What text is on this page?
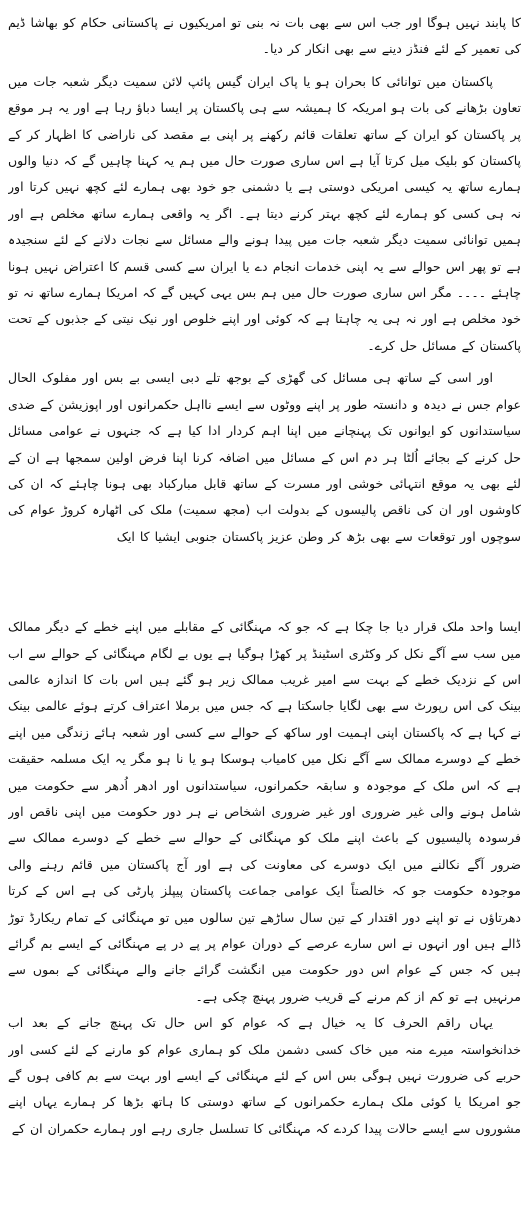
کا پابند نہیں ہوگا اور جب اس سے بھی بات نہ بنی تو امریکیوں نے پاکستانی حکام کو بھاشا ڈیم کی تعمیر کے لئے فنڈز دینے سے بھی انکار کر دیا۔

پاکستان میں توانائی کا بحران ہو یا پاک ایران گیس پائپ لائن سمیت دیگر شعبہ جات میں تعاون بڑھانے کی بات ہو امریکہ کا ہمیشہ سے ہی پاکستان پر ایسا دباؤ رہا ہے اور یہ ہر موقع پر پاکستان کو ایران کے ساتھ تعلقات قائم رکھنے پر اپنی بے مقصد کی ناراضی کا اظہار کر کے پاکستان کو بلیک میل کرتا آیا ہے اس ساری صورت حال میں ہم یہ کہنا چاہیں گے کہ دنیا والوں ہمارے ساتھ یہ کیسی امریکی دوستی ہے یا دشمنی جو خود بھی ہمارے لئے کچھ نہیں کرتا اور نہ ہی کسی کو ہمارے لئے کچھ بہتر کرنے دیتا ہے۔ اگر یہ واقعی ہمارے ساتھ مخلص ہے اور ہمیں توانائی سمیت دیگر شعبہ جات میں پیدا ہونے والے مسائل سے نجات دلانے کے لئے سنجیدہ ہے تو پھر اس حوالے سے یہ اپنی خدمات انجام دے یا ایران سے کسی قسم کا اعتراض نہیں ہونا چاہئے ۔۔۔۔ مگر اس ساری صورت حال میں ہم بس یہی کہیں گے کہ امریکا ہمارے ساتھ نہ تو خود مخلص ہے اور نہ ہی یہ چاہتا ہے کہ کوئی اور اپنے خلوص اور نیک نیتی کے جذبوں کے تحت پاکستان کے مسائل حل کرے۔

اور اسی کے ساتھ ہی مسائل کی گھڑی کے بوجھ تلے دبی ایسی بے بس اور مفلوک الحال عوام جس نے دیدہ و دانستہ طور پر اپنے ووٹوں سے ایسے نااہل حکمرانوں اور اپوزیشن کے ضدی سیاستدانوں کو ایوانوں تک پہنچانے میں اپنا اہم کردار ادا کیا ہے کہ جنہوں نے عوامی مسائل حل کرنے کے بجائے اُلٹا ہر دم اس کے مسائل میں اضافہ کرنا اپنا فرض اولین سمجھا ہے ان کے لئے بھی یہ موقع انتہائی خوشی اور مسرت کے ساتھ قابل مبارکباد بھی ہونا چاہئے کہ ان کی کاوشوں اور ان کی ناقص پالیسوں کے بدولت اب (مجھ سمیت) ملک کی اٹھارہ کروڑ عوام کی سوچوں اور توقعات سے بھی بڑھ کر وطن عزیز پاکستان جنوبی ایشیا کا ایک

ایسا واحد ملک قرار دیا جا چکا ہے کہ جو کہ مہنگائی کے مقابلے میں اپنے خطے کے دیگر ممالک میں سب سے آگے نکل کر وکٹری اسٹینڈ پر کھڑا ہوگیا ہے یوں بے لگام مہنگائی کے حوالے سے اب اس کے نزدیک خطے کے بہت سے امیر غریب ممالک زیر ہو گئے ہیں اس بات کا اندازہ عالمی بینک کی اس رپورٹ سے بھی لگایا جاسکتا ہے کہ جس میں برملا اعتراف کرتے ہوئے عالمی بینک نے کہا ہے کہ پاکستان اپنی اہمیت اور ساکھ کے حوالے سے کسی اور شعبہ ہائے زندگی میں اپنے خطے کے دوسرے ممالک سے آگے نکل میں کامیاب ہوسکا ہو یا نا ہو مگر یہ ایک مسلمہ حقیقت ہے کہ اس ملک کے موجودہ و سابقہ حکمرانوں، سیاستدانوں اور ادھر اُدھر سے حکومت میں شامل ہونے والی غیر ضروری اور غیر ضروری اشخاص نے ہر دور حکومت میں اپنی ناقص اور فرسودہ پالیسیوں کے باعث اپنے ملک کو مہنگائی کے حوالے سے خطے کے دوسرے ممالک سے ضرور آگے نکالنے میں ایک دوسرے کی معاونت کی ہے اور آج پاکستان میں قائم رہنے والی موجودہ حکومت جو کہ خالصتاً ایک عوامی جماعت پاکستان پیپلز پارٹی کی ہے اس کے کرتا دھرتاؤں نے تو اپنے دور اقتدار کے تین سال ساڑھے تین سالوں میں تو مہنگائی کے تمام ریکارڈ توڑ ڈالے ہیں اور انہوں نے اس سارے عرصے کے دوران عوام پر پے در پے مہنگائی کے ایسے بم گرائے ہیں کہ جس کے عوام اس دور حکومت میں انگشت گرائے جانے والے مہنگائی کے بموں سے مرنہیں ہے تو کم از کم مرنے کے قریب ضرور پہنچ چکی ہے۔

یہاں راقم الحرف کا یہ خیال ہے کہ عوام کو اس حال تک پہنچ جانے کے بعد اب خدانخواستہ میرے منہ میں خاک کسی دشمن ملک کو ہماری عوام کو مارنے کے لئے کسی اور حربے کی ضرورت نہیں ہوگی بس اس کے لئے مہنگائی کے ایسے اور بہت سے بم کافی ہوں گے جو امریکا یا کوئی ملک ہمارے حکمرانوں کے ساتھ دوستی کا ہاتھ بڑھا کر ہمارے یہاں اپنے مشوروں سے ایسے حالات پیدا کردے کہ مہنگائی کا تسلسل جاری رہے اور ہمارے حکمران ان کے
